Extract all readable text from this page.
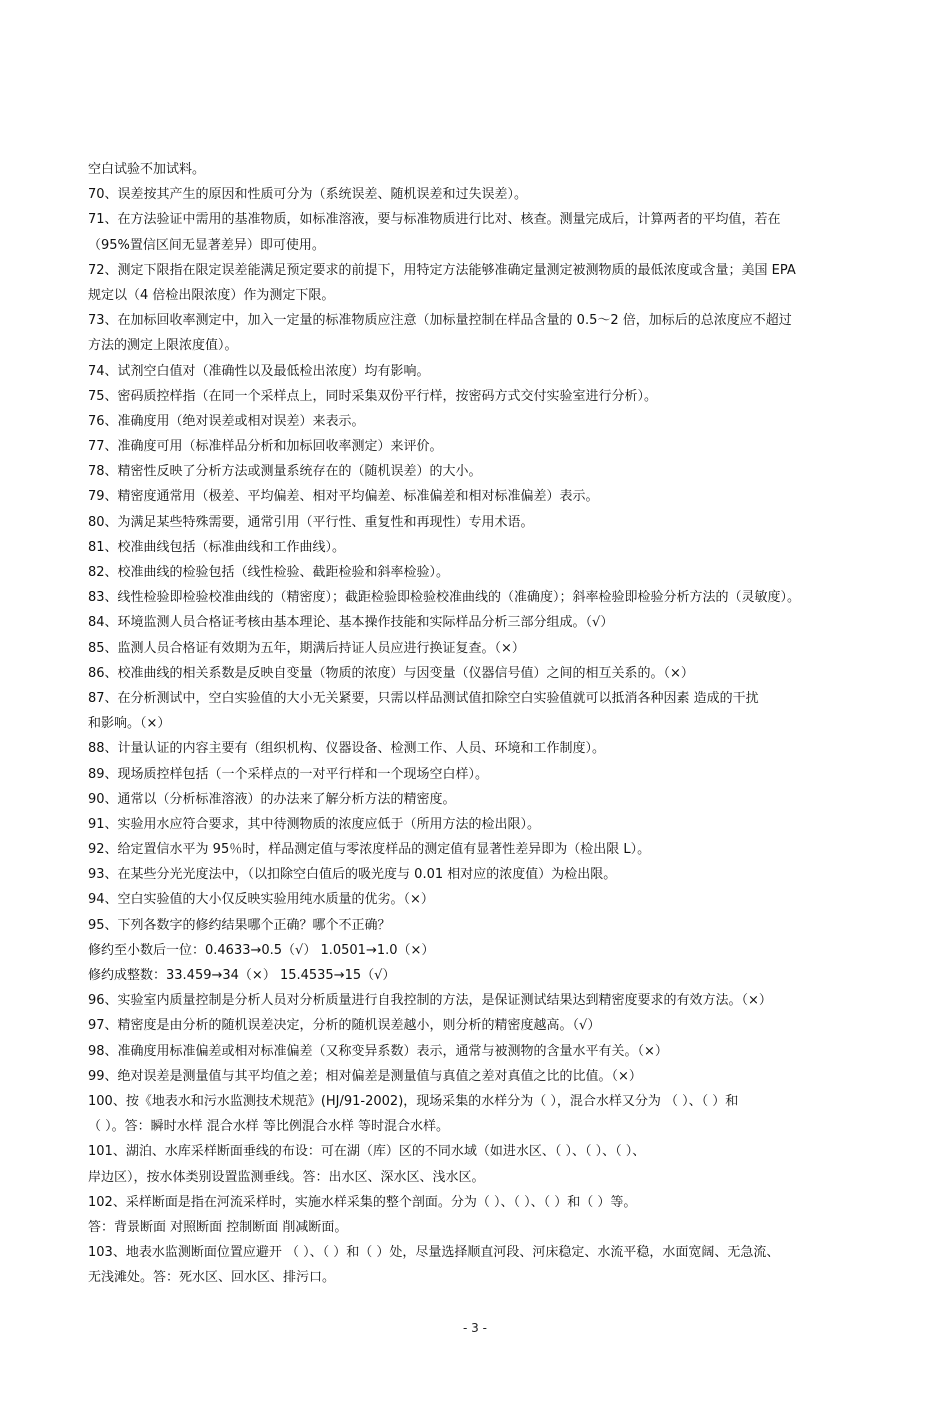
空白试验不加试料。
70、误差按其产生的原因和性质可分为（系统误差、随机误差和过失误差）。
71、在方法验证中需用的基准物质，如标准溶液，要与标准物质进行比对、核查。测量完成后，计算两者的平均值，若在
（95%置信区间无显著差异）即可使用。
72、测定下限指在限定误差能满足预定要求的前提下，用特定方法能够准确定量测定被测物质的最低浓度或含量；美国 EPA
规定以（4 倍检出限浓度）作为测定下限。
73、在加标回收率测定中，加入一定量的标准物质应注意（加标量控制在样品含量的 0.5～2 倍，加标后的总浓度应不超过
方法的测定上限浓度值）。
74、试剂空白值对（准确性以及最低检出浓度）均有影响。
75、密码质控样指（在同一个采样点上，同时采集双份平行样，按密码方式交付实验室进行分析）。
76、准确度用（绝对误差或相对误差）来表示。
77、准确度可用（标准样品分析和加标回收率测定）来评价。
78、精密性反映了分析方法或测量系统存在的（随机误差）的大小。
79、精密度通常用（极差、平均偏差、相对平均偏差、标准偏差和相对标准偏差）表示。
80、为满足某些特殊需要，通常引用（平行性、重复性和再现性）专用术语。
81、校准曲线包括（标准曲线和工作曲线）。
82、校准曲线的检验包括（线性检验、截距检验和斜率检验）。
83、线性检验即检验校准曲线的（精密度）；截距检验即检验校准曲线的（准确度）；斜率检验即检验分析方法的（灵敏度）。
84、环境监测人员合格证考核由基本理论、基本操作技能和实际样品分析三部分组成。（√）
85、监测人员合格证有效期为五年，期满后持证人员应进行换证复查。（×）
86、校准曲线的相关系数是反映自变量（物质的浓度）与因变量（仪器信号值）之间的相互关系的。（×）
87、在分析测试中，空白实验值的大小无关紧要，只需以样品测试值扣除空白实验值就可以抵消各种因素 造成的干扰
和影响。（×）
88、计量认证的内容主要有（组织机构、仪器设备、检测工作、人员、环境和工作制度）。
89、现场质控样包括（一个采样点的一对平行样和一个现场空白样）。
90、通常以（分析标准溶液）的办法来了解分析方法的精密度。
91、实验用水应符合要求，其中待测物质的浓度应低于（所用方法的检出限）。
92、给定置信水平为 95％时，样品测定值与零浓度样品的测定值有显著性差异即为（检出限 L）。
93、在某些分光光度法中，（以扣除空白值后的吸光度与 0.01 相对应的浓度值）为检出限。
94、空白实验值的大小仅反映实验用纯水质量的优劣。（×）
95、下列各数字的修约结果哪个正确？哪个不正确？
修约至小数后一位：0.4633→0.5（√） 1.0501→1.0（×）
修约成整数：33.459→34（×） 15.4535→15（√）
96、实验室内质量控制是分析人员对分析质量进行自我控制的方法，是保证测试结果达到精密度要求的有效方法。（×）
97、精密度是由分析的随机误差决定，分析的随机误差越小，则分析的精密度越高。（√）
98、准确度用标准偏差或相对标准偏差（又称变异系数）表示，通常与被测物的含量水平有关。（×）
99、绝对误差是测量值与其平均值之差；相对偏差是测量值与真值之差对真值之比的比值。（×）
100、按《地表水和污水监测技术规范》(HJ/91-2002)，现场采集的水样分为（ ），混合水样又分为 （ ）、（ ）和
（ ）。答：瞬时水样 混合水样 等比例混合水样 等时混合水样。
101、湖泊、水库采样断面垂线的布设：可在湖（库）区的不同水域（如进水区、（ ）、（ ）、（ ）、
岸边区），按水体类别设置监测垂线。答：出水区、深水区、浅水区。
102、采样断面是指在河流采样时，实施水样采集的整个剖面。分为（ ）、（ ）、（ ）和（ ）等。
答：背景断面 对照断面 控制断面 削减断面。
103、地表水监测断面位置应避开 （ ）、（ ）和（ ）处，尽量选择顺直河段、河床稳定、水流平稳，水面宽阔、无急流、
无浅滩处。答：死水区、回水区、排污口。
- 3 -
